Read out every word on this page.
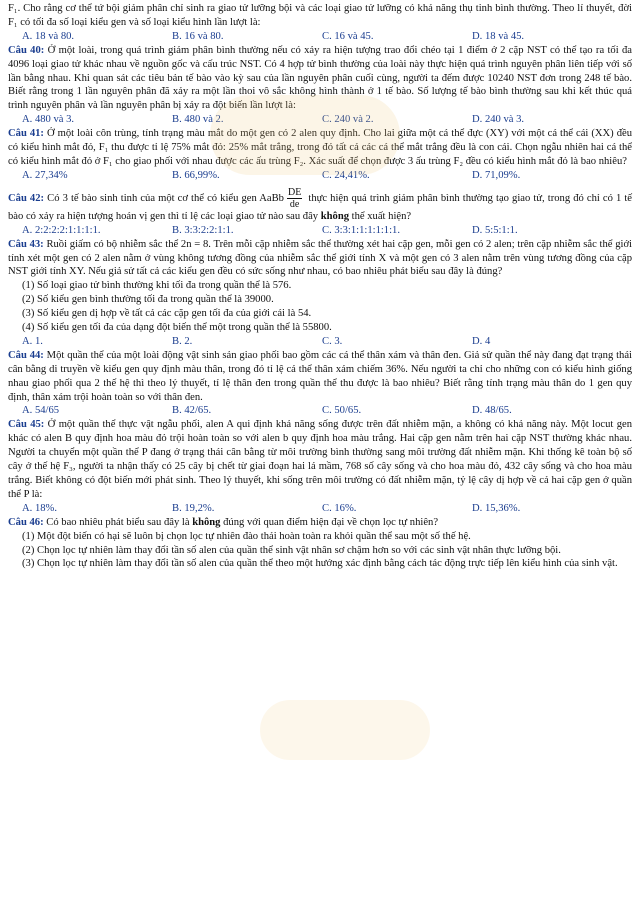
F₁. Cho rằng cơ thể tứ bội giảm phân chỉ sinh ra giao tử lưỡng bội và các loại giao tử lưỡng có khả năng thụ tinh bình thường. Theo lí thuyết, đời F₁ có tối đa số loại kiểu gen và số loại kiểu hình lần lượt là:

A. 18 và 80.	B. 16 và 80.	C. 16 và 45.	D. 18 và 45.

Câu 40: Ở một loài, trong quá trình giảm phân bình thường nếu có xảy ra hiện tượng trao đổi chéo tại 1 điểm ở 2 cặp NST có thể tạo ra tối đa 4096 loại giao tử khác nhau về nguồn gốc và cấu trúc NST. Có 4 hợp tử bình thường của loài này thực hiện quá trình nguyên phân liên tiếp với số lần bằng nhau. Khi quan sát các tiêu bản tế bào vào kỳ sau của lần nguyên phân cuối cùng, người ta đếm được 10240 NST đơn trong 248 tế bào. Biết rằng trong 1 lần nguyên phân đã xảy ra một lần thoi vô sắc không hình thành ở 1 tế bào. Số lượng tế bào bình thường sau khi kết thúc quá trình nguyên phân và lần nguyên phân bị xảy ra đột biến lần lượt là:

A. 480 và 3.	B. 480 và 2.	C. 240 và 2.	D. 240 và 3.

Câu 41: Ở một loài côn trùng, tính trạng màu mắt do một gen có 2 alen quy định. Cho lai giữa một cá thể đực (XY) với một cá thể cái (XX) đều có kiểu hình mắt đỏ, F₁ thu được tỉ lệ 75% mắt đỏ: 25% mắt trắng, trong đó tất cả các cá thể mắt trắng đều là con cái. Chọn ngẫu nhiên hai cá thể có kiểu hình mắt đỏ ở F₁ cho giao phối với nhau được các ấu trùng F₂. Xác suất để chọn được 3 ấu trùng F₂ đều có kiểu hình mắt đỏ là bao nhiêu?

A. 27,34%	B. 66,99%.	C. 24,41%.	D. 71,09%.

Câu 42: Có 3 tế bào sinh tinh của một cơ thể có kiểu gen AaBb $\frac{DE}{de}$ thực hiện quá trình giảm phân bình thường tạo giao tử, trong đó chỉ có 1 tế bào có xảy ra hiện tượng hoán vị gen thì tỉ lệ các loại giao tử nào sau đây không thể xuất hiện?

A. 2:2:2:2:1:1:1:1.	B. 3:3:2:2:1:1.	C. 3:3:1:1:1:1:1:1.	D. 5:5:1:1.

Câu 43: Ruồi giấm có bộ nhiễm sắc thể 2n = 8. Trên mỗi cặp nhiễm sắc thể thường xét hai cặp gen, mỗi gen có 2 alen; trên cặp nhiễm sắc thể giới tính xét một gen có 2 alen nằm ở vùng không tương đồng của nhiễm sắc thể giới tính X và một gen có 3 alen nằm trên vùng tương đồng của cặp NST giới tính XY. Nếu giả sử tất cả các kiểu gen đều có sức sống như nhau, có bao nhiêu phát biểu sau đây là đúng?

(1) Số loại giao tử bình thường khi tối đa trong quần thể là 576.

(2) Số kiểu gen bình thường tối đa trong quần thể là 39000.

(3) Số kiểu gen dị hợp về tất cả các cặp gen tối đa của giới cái là 54.

(4) Số kiểu gen tối đa của dạng đột biến thể một trong quần thể là 55800.

A. 1.	B. 2.	C. 3.	D. 4

Câu 44: Một quần thể của một loài động vật sinh sản giao phối bao gồm các cá thể thân xám và thân đen. Giả sử quần thể này đang đạt trạng thái cân bằng di truyền về kiểu gen quy định màu thân, trong đó tỉ lệ cá thể thân xám chiếm 36%. Nếu người ta chỉ cho những con có kiểu hình giống nhau giao phối qua 2 thế hệ thì theo lý thuyết, tỉ lệ thân đen trong quần thể thu được là bao nhiêu? Biết rằng tính trạng màu thân do 1 gen quy định, thân xám trội hoàn toàn so với thân đen.

A. 54/65	B. 42/65.	C. 50/65.	D. 48/65.

Câu 45: Ở một quần thể thực vật ngẫu phối, alen A qui định khả năng sống được trên đất nhiễm mặn, a không có khả năng này. Một locut gen khác có alen B quy định hoa màu đỏ trội hoàn toàn so với alen b quy định hoa màu trắng. Hai cặp gen nằm trên hai cặp NST thường khác nhau. Người ta chuyển một quần thể P đang ở trạng thái cân bằng từ môi trường bình thường sang môi trường đất nhiễm mặn. Khi thống kê toàn bộ số cây ở thế hệ F₃, người ta nhận thấy có 25 cây bị chết từ giai đoạn hai lá mầm, 768 số cây sống và cho hoa màu đỏ, 432 cây sống và cho hoa màu trắng. Biết không có đột biến mới phát sinh. Theo lý thuyết, khi sống trên môi trường có đất nhiễm mặn, tỷ lệ cây dị hợp về cả hai cặp gen ở quần thể P là:

A. 18%.	B. 19,2%.	C. 16%.	D. 15,36%.

Câu 46: Có bao nhiêu phát biểu sau đây là không đúng với quan điểm hiện đại về chọn lọc tự nhiên?

(1) Một đột biến có hại sẽ luôn bị chọn lọc tự nhiên đào thải hoàn toàn ra khỏi quần thể sau một số thế hệ.

(2) Chọn lọc tự nhiên làm thay đổi tần số alen của quần thể sinh vật nhân sơ chậm hơn so với các sinh vật nhân thực lưỡng bội.

(3) Chọn lọc tự nhiên làm thay đổi tần số alen của quần thể theo một hướng xác định bằng cách tác động trực tiếp lên kiểu hình của sinh vật.
